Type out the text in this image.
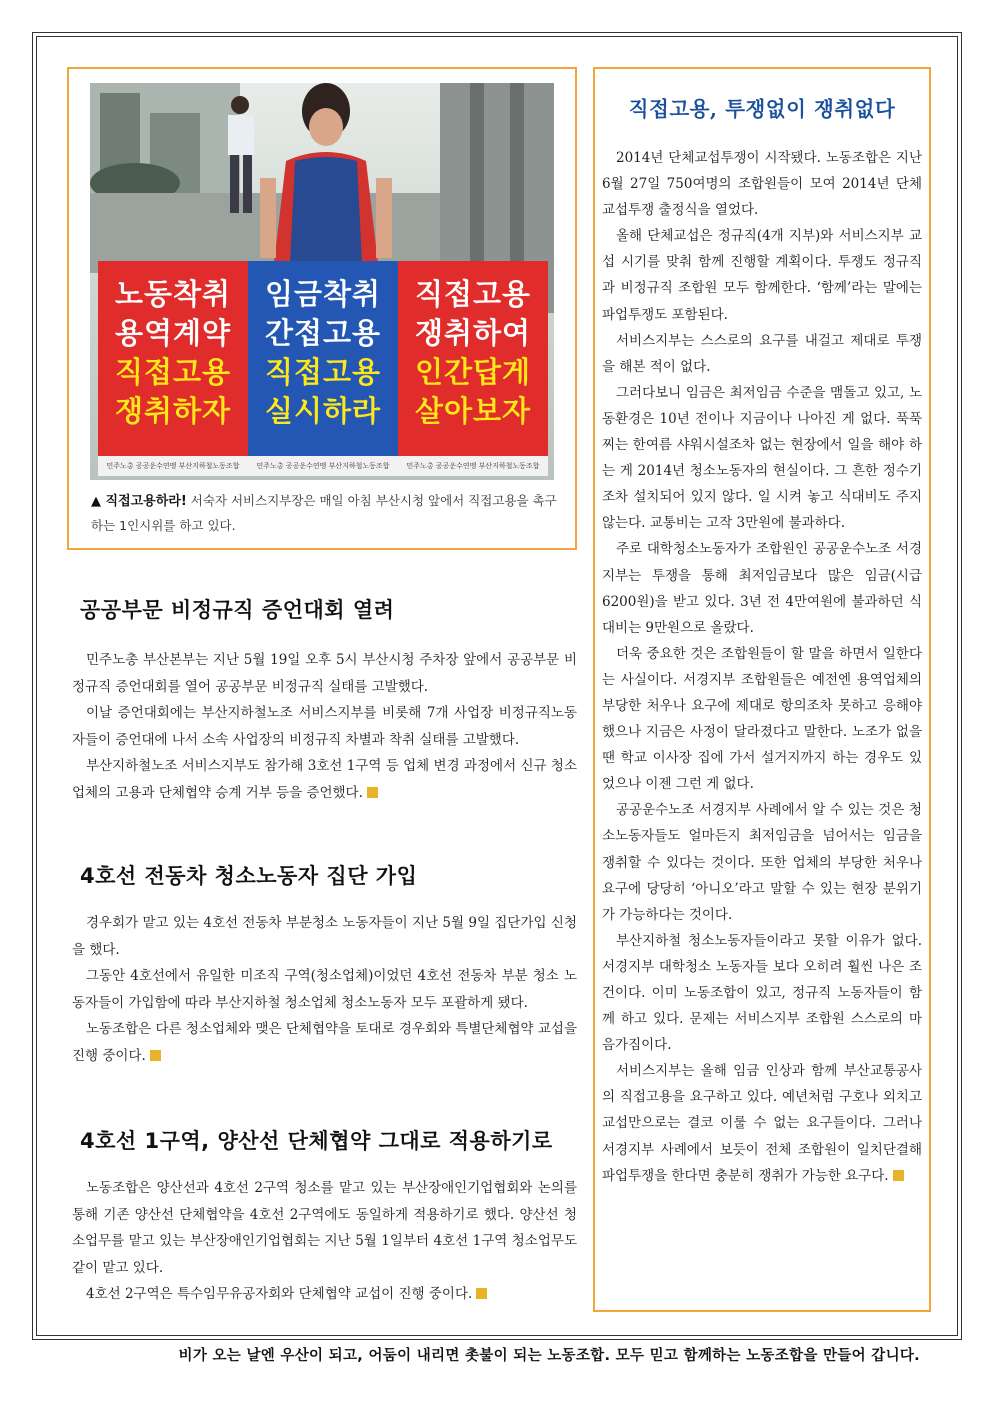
노동착취
용역계약
직접고용
쟁취하자
민주노총 공공운수연맹 부산지하철노동조합
임금착취
간접고용
직접고용
실시하라
민주노총 공공운수연맹 부산지하철노동조합
직접고용
쟁취하여
인간답게
살아보자
민주노총 공공운수연맹 부산지하철노동조합
▲ 직접고용하라! 서숙자 서비스지부장은 매일 아침 부산시청 앞에서 직접고용을 촉구하는 1인시위를 하고 있다.
공공부문 비정규직 증언대회 열려

민주노총 부산본부는 지난 5월 19일 오후 5시 부산시청 주차장 앞에서 공공부문 비정규직 증언대회를 열어 공공부문 비정규직 실태를 고발했다.

이날 증언대회에는 부산지하철노조 서비스지부를 비롯해 7개 사업장 비정규직노동자들이 증언대에 나서 소속 사업장의 비정규직 차별과 착취 실태를 고발했다.

부산지하철노조 서비스지부도 참가해 3호선 1구역 등 업체 변경 과정에서 신규 청소업체의 고용과 단체협약 승계 거부 등을 증언했다.

4호선 전동차 청소노동자 집단 가입

경우회가 맡고 있는 4호선 전동차 부분청소 노동자들이 지난 5월 9일 집단가입 신청을 했다.

그동안 4호선에서 유일한 미조직 구역(청소업체)이었던 4호선 전동차 부분 청소 노동자들이 가입함에 따라 부산지하철 청소업체 청소노동자 모두 포괄하게 됐다.

노동조합은 다른 청소업체와 맺은 단체협약을 토대로 경우회와 특별단체협약 교섭을 진행 중이다.

4호선 1구역, 양산선 단체협약 그대로 적용하기로

노동조합은 양산선과 4호선 2구역 청소를 맡고 있는 부산장애인기업협회와 논의를 통해 기존 양산선 단체협약을 4호선 2구역에도 동일하게 적용하기로 했다. 양산선 청소업무를 맡고 있는 부산장애인기업협회는 지난 5월 1일부터 4호선 1구역 청소업무도 같이 맡고 있다.

4호선 2구역은 특수임무유공자회와 단체협약 교섭이 진행 중이다.

직접고용, 투쟁없이 쟁취없다

2014년 단체교섭투쟁이 시작됐다. 노동조합은 지난 6월 27일 750여명의 조합원들이 모여 2014년 단체교섭투쟁 출정식을 열었다.

올해 단체교섭은 정규직(4개 지부)와 서비스지부 교섭 시기를 맞춰 함께 진행할 계획이다. 투쟁도 정규직과 비정규직 조합원 모두 함께한다. ‘함께’라는 말에는 파업투쟁도 포함된다.

서비스지부는 스스로의 요구를 내걸고 제대로 투쟁을 해본 적이 없다.

그러다보니 임금은 최저임금 수준을 맴돌고 있고, 노동환경은 10년 전이나 지금이나 나아진 게 없다. 푹푹 찌는 한여름 샤워시설조차 없는 현장에서 일을 해야 하는 게 2014년 청소노동자의 현실이다. 그 흔한 정수기조차 설치되어 있지 않다. 일 시켜 놓고 식대비도 주지 않는다. 교통비는 고작 3만원에 불과하다.

주로 대학청소노동자가 조합원인 공공운수노조 서경지부는 투쟁을 통해 최저임금보다 많은 임금(시급 6200원)을 받고 있다. 3년 전 4만여원에 불과하던 식대비는 9만원으로 올랐다.

더욱 중요한 것은 조합원들이 할 말을 하면서 일한다는 사실이다. 서경지부 조합원들은 예전엔 용역업체의 부당한 처우나 요구에 제대로 항의조차 못하고 응해야 했으나 지금은 사정이 달라졌다고 말한다. 노조가 없을 땐 학교 이사장 집에 가서 설거지까지 하는 경우도 있었으나 이젠 그런 게 없다.

공공운수노조 서경지부 사례에서 알 수 있는 것은 청소노동자들도 얼마든지 최저임금을 넘어서는 임금을 쟁취할 수 있다는 것이다. 또한 업체의 부당한 처우나 요구에 당당히 ‘아니오’라고 말할 수 있는 현장 분위기가 가능하다는 것이다.

부산지하철 청소노동자들이라고 못할 이유가 없다. 서경지부 대학청소 노동자들 보다 오히려 훨씬 나은 조건이다. 이미 노동조합이 있고, 정규직 노동자들이 함께 하고 있다. 문제는 서비스지부 조합원 스스로의 마음가짐이다.

서비스지부는 올해 임금 인상과 함께 부산교통공사의 직접고용을 요구하고 있다. 예년처럼 구호나 외치고 교섭만으로는 결코 이룰 수 없는 요구들이다. 그러나 서경지부 사례에서 보듯이 전체 조합원이 일치단결해 파업투쟁을 한다면 충분히 쟁취가 가능한 요구다.

비가 오는 날엔 우산이 되고, 어둠이 내리면 촛불이 되는 노동조합. 모두 믿고 함께하는 노동조합을 만들어 갑니다.
